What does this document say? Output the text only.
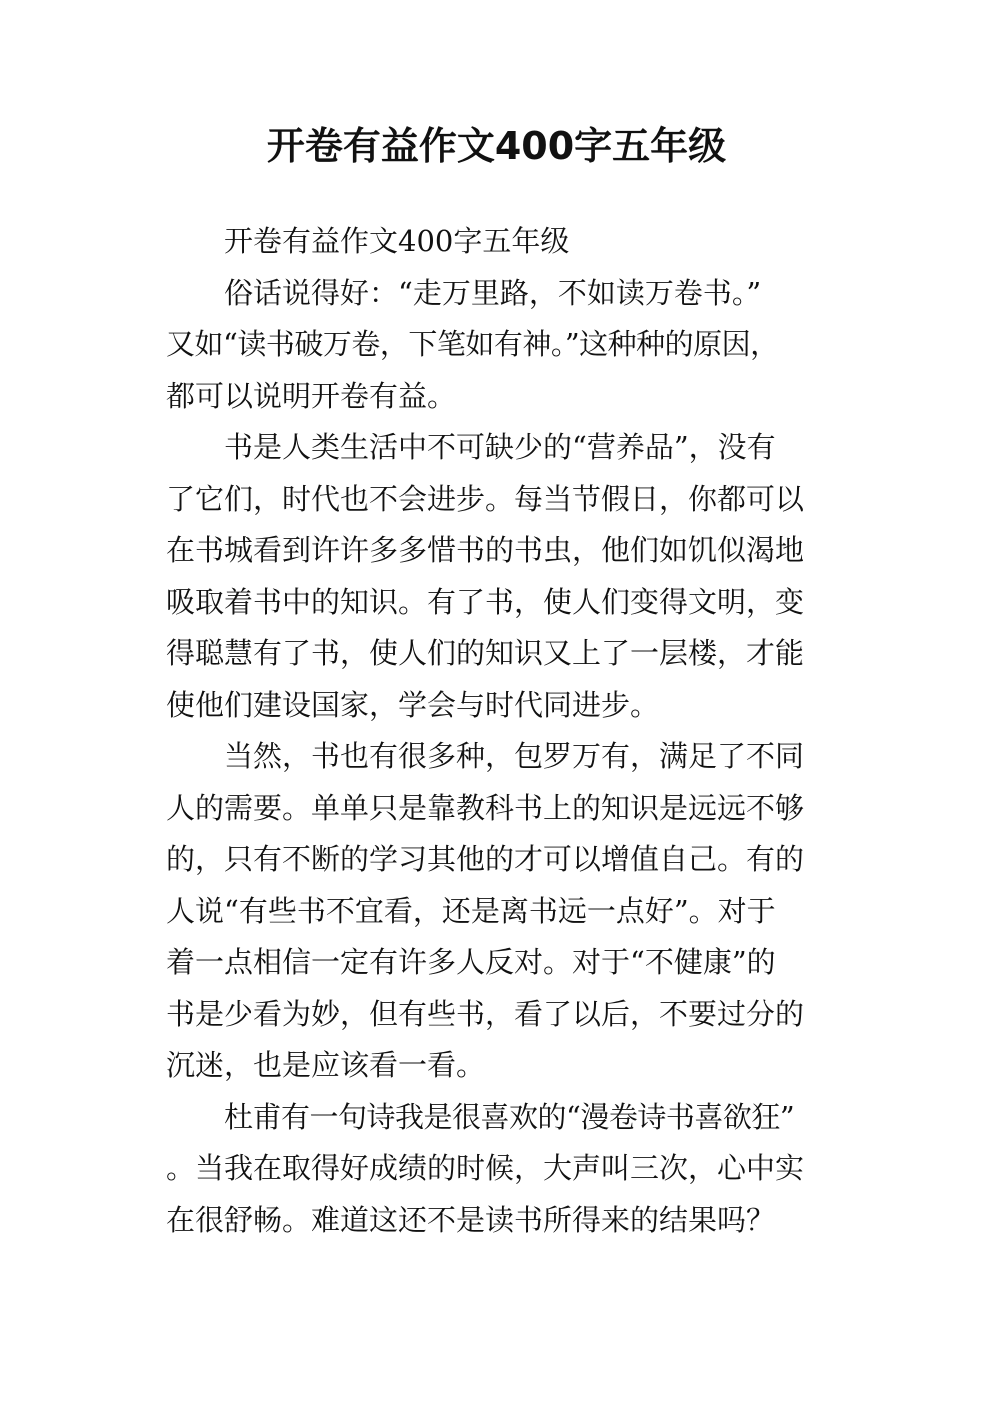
开卷有益作文400字五年级
开卷有益作文400字五年级
俗话说得好：“走万里路，不如读万卷书。”
又如“读书破万卷，下笔如有神。”这种种的原因，
都可以说明开卷有益。
书是人类生活中不可缺少的“营养品”，没有
了它们，时代也不会进步。每当节假日，你都可以
在书城看到许许多多惜书的书虫，他们如饥似渴地
吸取着书中的知识。有了书，使人们变得文明，变
得聪慧有了书，使人们的知识又上了一层楼，才能
使他们建设国家，学会与时代同进步。
当然，书也有很多种，包罗万有，满足了不同
人的需要。单单只是靠教科书上的知识是远远不够
的，只有不断的学习其他的才可以增值自己。有的
人说“有些书不宜看，还是离书远一点好”。对于
着一点相信一定有许多人反对。对于“不健康”的
书是少看为妙，但有些书，看了以后，不要过分的
沉迷，也是应该看一看。
杜甫有一句诗我是很喜欢的“漫卷诗书喜欲狂”
。当我在取得好成绩的时候，大声叫三次，心中实
在很舒畅。难道这还不是读书所得来的结果吗？
